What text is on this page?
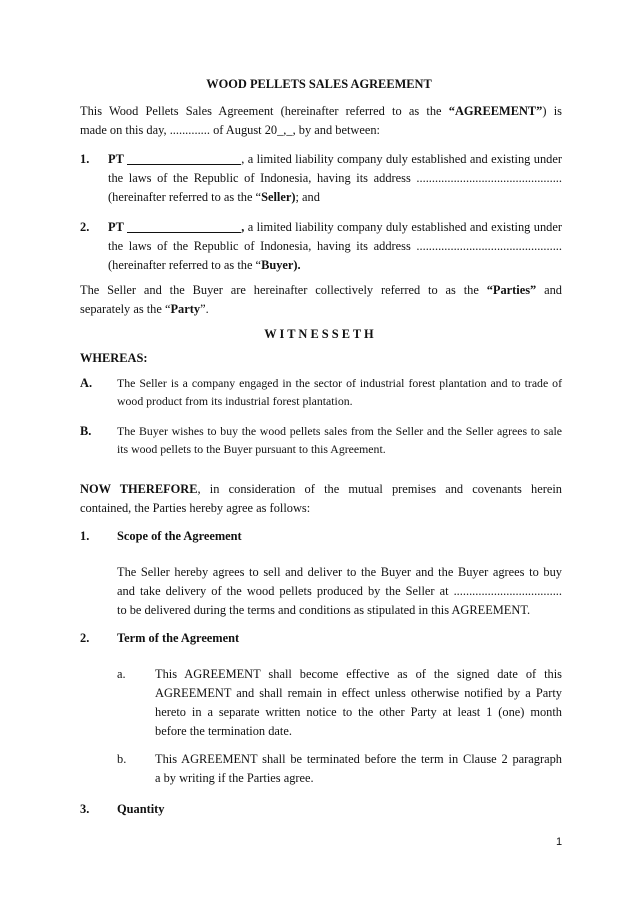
WOOD PELLETS SALES AGREEMENT
This Wood Pellets Sales Agreement (hereinafter referred to as the “AGREEMENT”) is
made on this day, ............. of August 20_,_, by and between:
1. PT	, a limited liability company duly established and existing under
the laws of the Republic of Indonesia, having its address ...............................................
(hereinafter referred to as the “Seller); and
2. PT	, a limited liability company duly established and existing under
the laws of the Republic of Indonesia, having its address ...............................................
(hereinafter referred to as the “Buyer).
The Seller and the Buyer are hereinafter collectively referred to as the “Parties” and
separately as the “Party”.
W I T N E S S E T H
WHEREAS:
A. The Seller is a company engaged in the sector of industrial forest plantation and to trade of
wood product from its industrial forest plantation.
B. The Buyer wishes to buy the wood pellets sales from the Seller and the Seller agrees to sale
its wood pellets to the Buyer pursuant to this Agreement.
NOW THEREFORE, in consideration of the mutual premises and covenants herein
contained, the Parties hereby agree as follows:
1. Scope of the Agreement
The Seller hereby agrees to sell and deliver to the Buyer and the Buyer agrees to buy
and take delivery of the wood pellets produced by the Seller at ...................................
to be delivered during the terms and conditions as stipulated in this AGREEMENT.
2. Term of the Agreement
a. This AGREEMENT shall become effective as of the signed date of this
AGREEMENT and shall remain in effect unless otherwise notified by a Party
hereto in a separate written notice to the other Party at least 1 (one) month
before the termination date.
b. This AGREEMENT shall be terminated before the term in Clause 2 paragraph
a by writing if the Parties agree.
3. Quantity
1
